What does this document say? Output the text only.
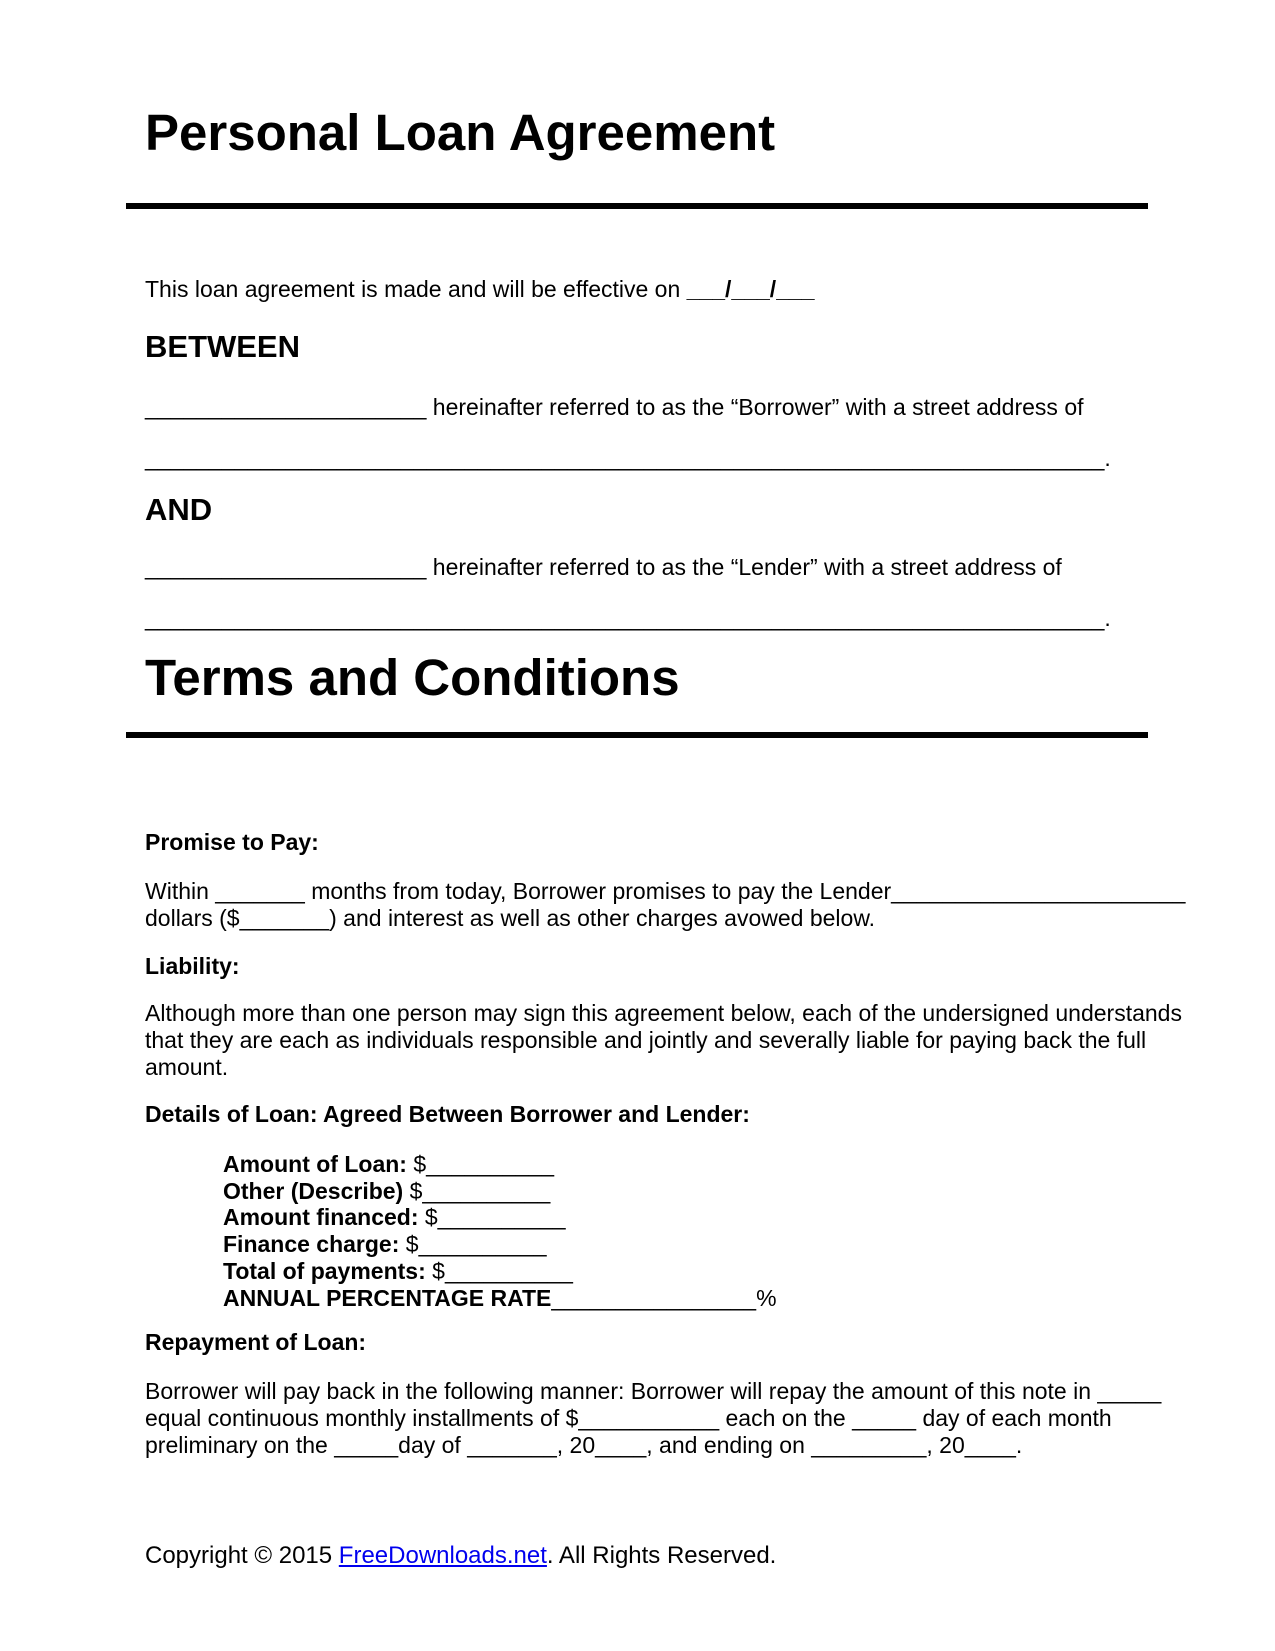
Personal Loan Agreement
This loan agreement is made and will be effective on ___/___/___
BETWEEN
______________________ hereinafter referred to as the “Borrower” with a street address of
___________________________________________________________________________.
AND
______________________ hereinafter referred to as the “Lender” with a street address of
___________________________________________________________________________.
Terms and Conditions
Promise to Pay:
Within _______ months from today, Borrower promises to pay the Lender_______________________
dollars ($_______) and interest as well as other charges avowed below.
Liability:
Although more than one person may sign this agreement below, each of the undersigned understands
that they are each as individuals responsible and jointly and severally liable for paying back the full
amount.
Details of Loan: Agreed Between Borrower and Lender:
Amount of Loan: $__________
Other (Describe) $__________
Amount financed: $__________
Finance charge: $__________
Total of payments: $__________
ANNUAL PERCENTAGE RATE________________%
Repayment of Loan:
Borrower will pay back in the following manner: Borrower will repay the amount of this note in _____
equal continuous monthly installments of $___________ each on the _____ day of each month
preliminary on the _____day of _______, 20____, and ending on _________, 20____.
Copyright © 2015 FreeDownloads.net. All Rights Reserved.
